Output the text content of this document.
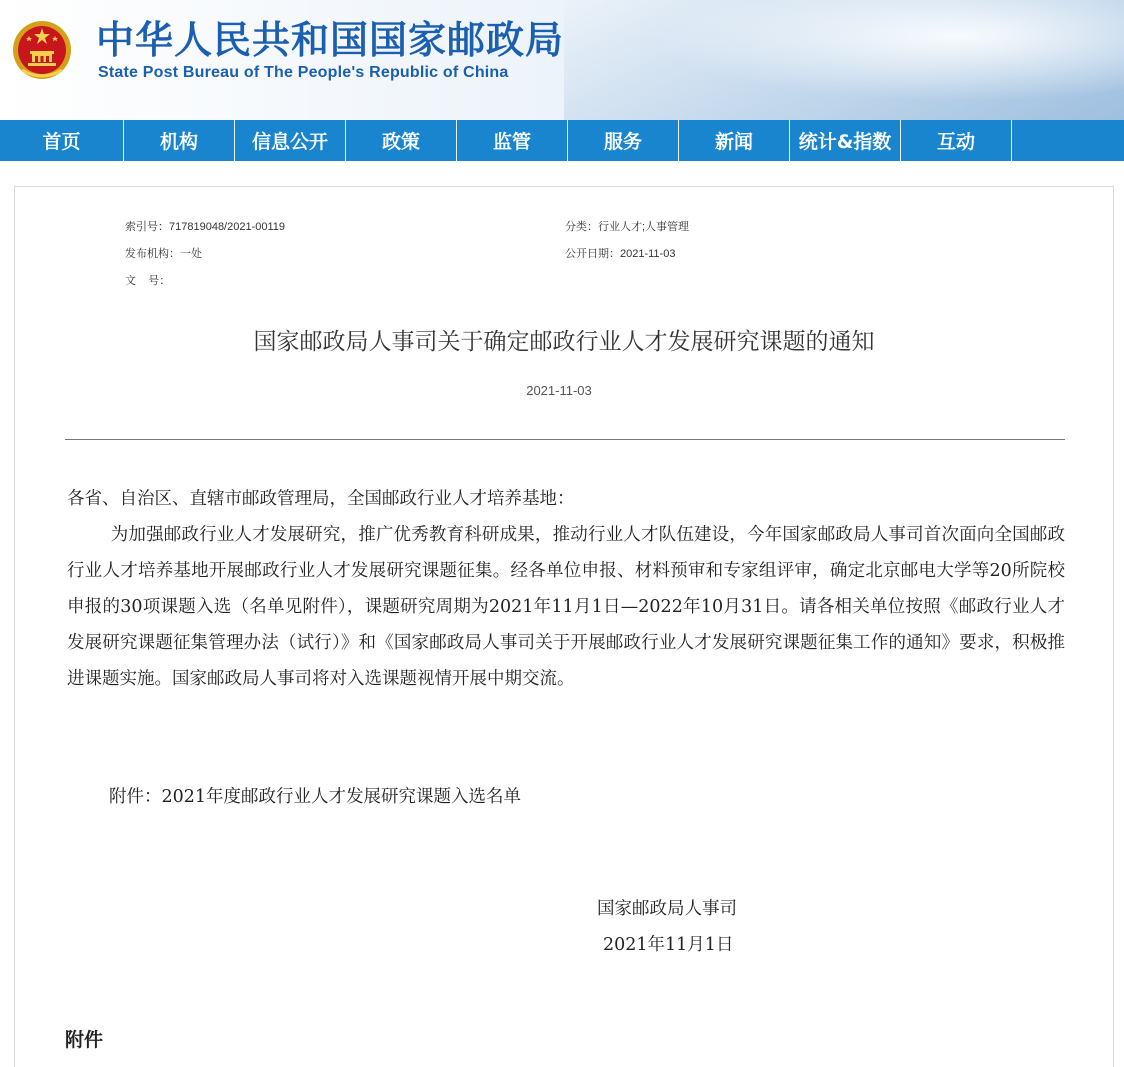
中华人民共和国国家邮政局

State Post Bureau of The People's Republic of China

首页	机构	信息公开	政策	监管	服务	新闻	统计&指数	互动
索引号：717819048/2021-00119	分类：行业人才;人事管理
发布机构：一处	公开日期：2021-11-03
文    号：
国家邮政局人事司关于确定邮政行业人才发展研究课题的通知
2021-11-03

各省、自治区、直辖市邮政管理局，全国邮政行业人才培养基地：

为加强邮政行业人才发展研究，推广优秀教育科研成果，推动行业人才队伍建设，今年国家邮政局人事司首次面向全国邮政行业人才培养基地开展邮政行业人才发展研究课题征集。经各单位申报、材料预审和专家组评审，确定北京邮电大学等20所院校申报的30项课题入选（名单见附件），课题研究周期为2021年11月1日—2022年10月31日。请各相关单位按照《邮政行业人才发展研究课题征集管理办法（试行）》和《国家邮政局人事司关于开展邮政行业人才发展研究课题征集工作的通知》要求，积极推进课题实施。国家邮政局人事司将对入选课题视情开展中期交流。

附件：2021年度邮政行业人才发展研究课题入选名单
国家邮政局人事司
2021年11月1日
附件
